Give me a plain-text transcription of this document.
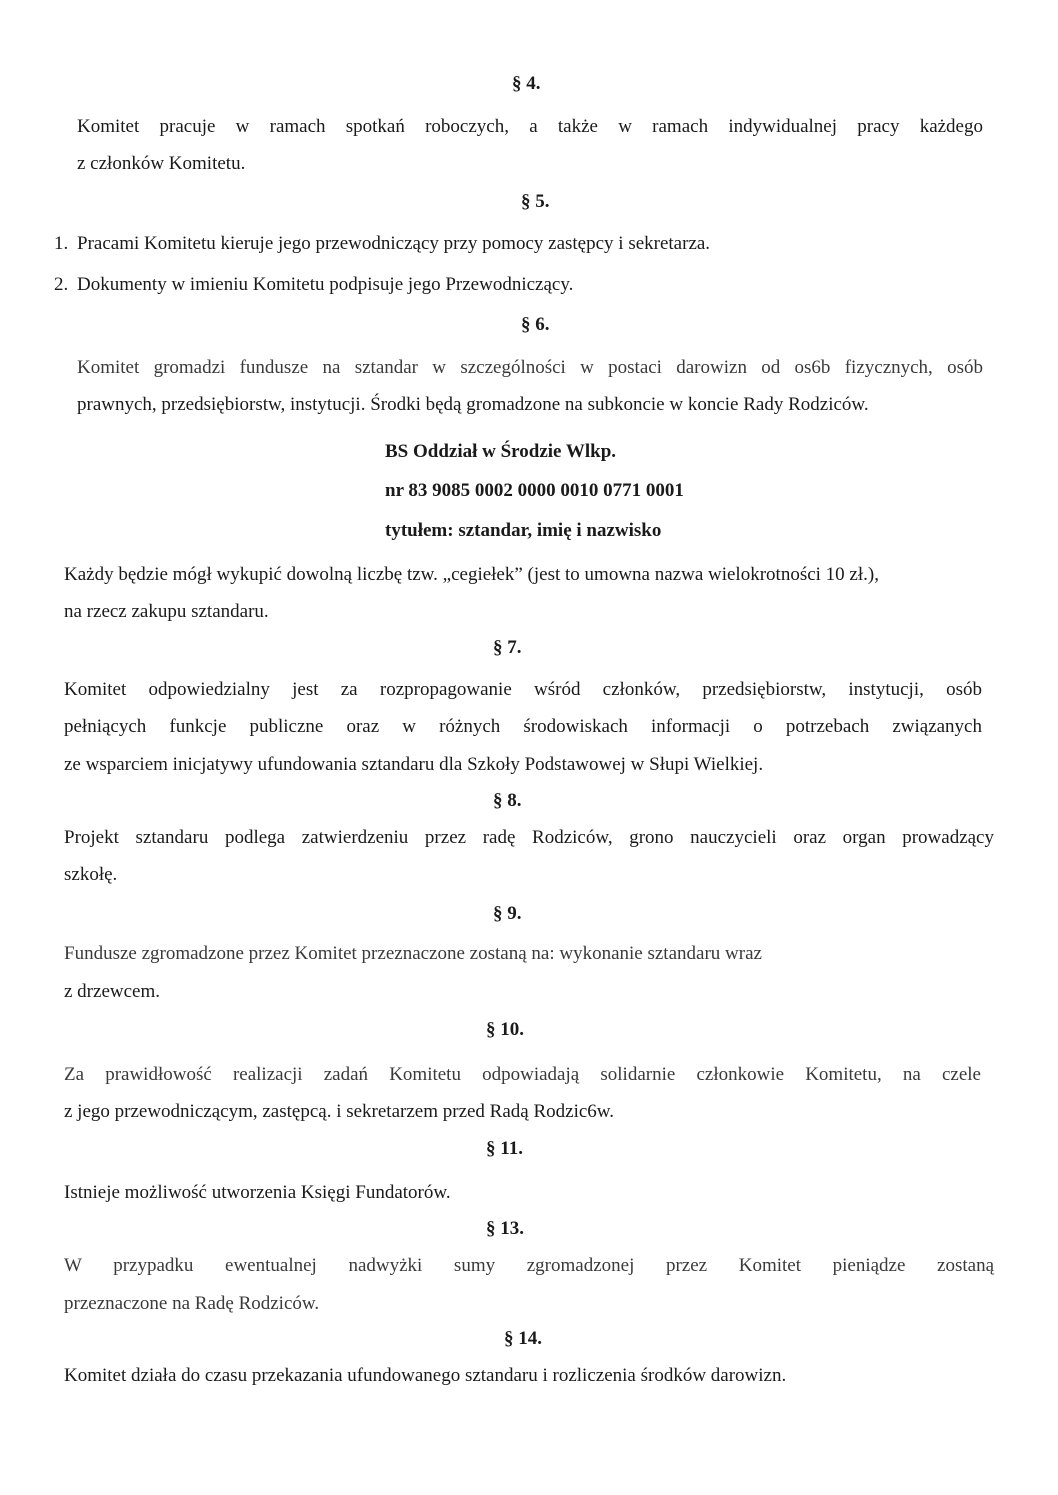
§ 4.
Komitet pracuje w ramach spotkań roboczych, a także w ramach indywidualnej pracy każdego
z członków Komitetu.
§ 5.
1. Pracami Komitetu kieruje jego przewodniczący przy pomocy zastępcy i sekretarza.
2. Dokumenty w imieniu Komitetu podpisuje jego Przewodniczący.
§ 6.
Komitet gromadzi fundusze na sztandar w szczególności w postaci darowizn od os6b fizycznych, osób
prawnych, przedsiębiorstw, instytucji. Środki będą gromadzone na subkoncie w koncie Rady Rodziców.
BS Oddział w Środzie Wlkp.
nr 83 9085 0002 0000 0010 0771 0001
tytułem: sztandar, imię i nazwisko
Każdy będzie mógł wykupić dowolną liczbę tzw. „cegiełek” (jest to umowna nazwa wielokrotności 10 zł.),
na rzecz zakupu sztandaru.
§ 7.
Komitet odpowiedzialny jest za rozpropagowanie wśród członków, przedsiębiorstw, instytucji, osób
pełniących funkcje publiczne oraz w różnych środowiskach informacji o potrzebach związanych
ze wsparciem inicjatywy ufundowania sztandaru dla Szkoły Podstawowej w Słupi Wielkiej.
§ 8.
Projekt sztandaru podlega zatwierdzeniu przez radę Rodziców, grono nauczycieli oraz organ prowadzący
szkołę.
§ 9.
Fundusze zgromadzone przez Komitet przeznaczone zostaną na: wykonanie sztandaru wraz
z drzewcem.
§ 10.
Za prawidłowość realizacji zadań Komitetu odpowiadają solidarnie członkowie Komitetu, na czele
z jego przewodniczącym, zastępcą. i sekretarzem przed Radą Rodzic6w.
§ 11.
Istnieje możliwość utworzenia Księgi Fundatorów.
§ 13.
W przypadku ewentualnej nadwyżki sumy zgromadzonej przez Komitet pieniądze zostaną
przeznaczone na Radę Rodziców.
§ 14.
Komitet działa do czasu przekazania ufundowanego sztandaru i rozliczenia środków darowizn.
